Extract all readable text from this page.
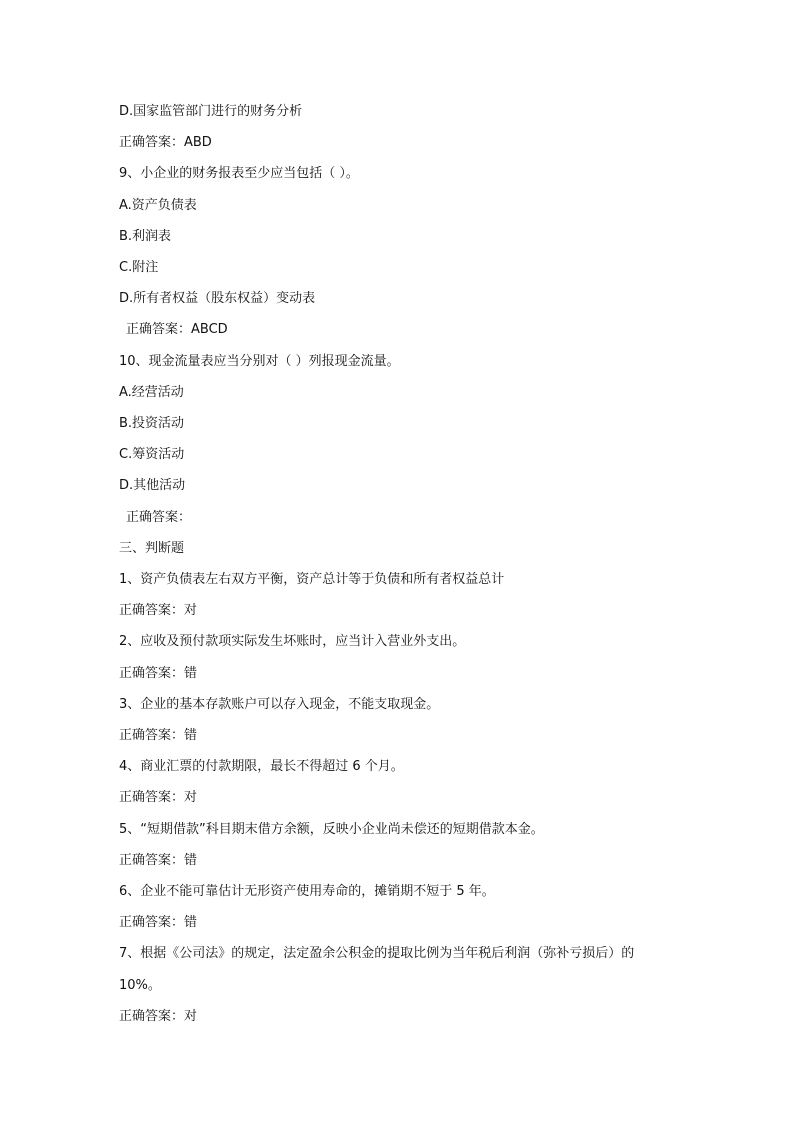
D.国家监管部门进行的财务分析
正确答案：ABD
9、小企业的财务报表至少应当包括（ ）。
A.资产负债表
B.利润表
C.附注
D.所有者权益（股东权益）变动表
正确答案：ABCD
10、现金流量表应当分别对（ ）列报现金流量。
A.经营活动
B.投资活动
C.筹资活动
D.其他活动
正确答案：
三、判断题
1、资产负债表左右双方平衡，资产总计等于负债和所有者权益总计
正确答案：对
2、应收及预付款项实际发生坏账时，应当计入营业外支出。
正确答案：错
3、企业的基本存款账户可以存入现金，不能支取现金。
正确答案：错
4、商业汇票的付款期限，最长不得超过 6 个月。
正确答案：对
5、“短期借款”科目期末借方余额，反映小企业尚未偿还的短期借款本金。
正确答案：错
6、企业不能可靠估计无形资产使用寿命的，摊销期不短于 5 年。
正确答案：错
7、根据《公司法》的规定，法定盈余公积金的提取比例为当年税后利润（弥补亏损后）的
10%。
正确答案：对
